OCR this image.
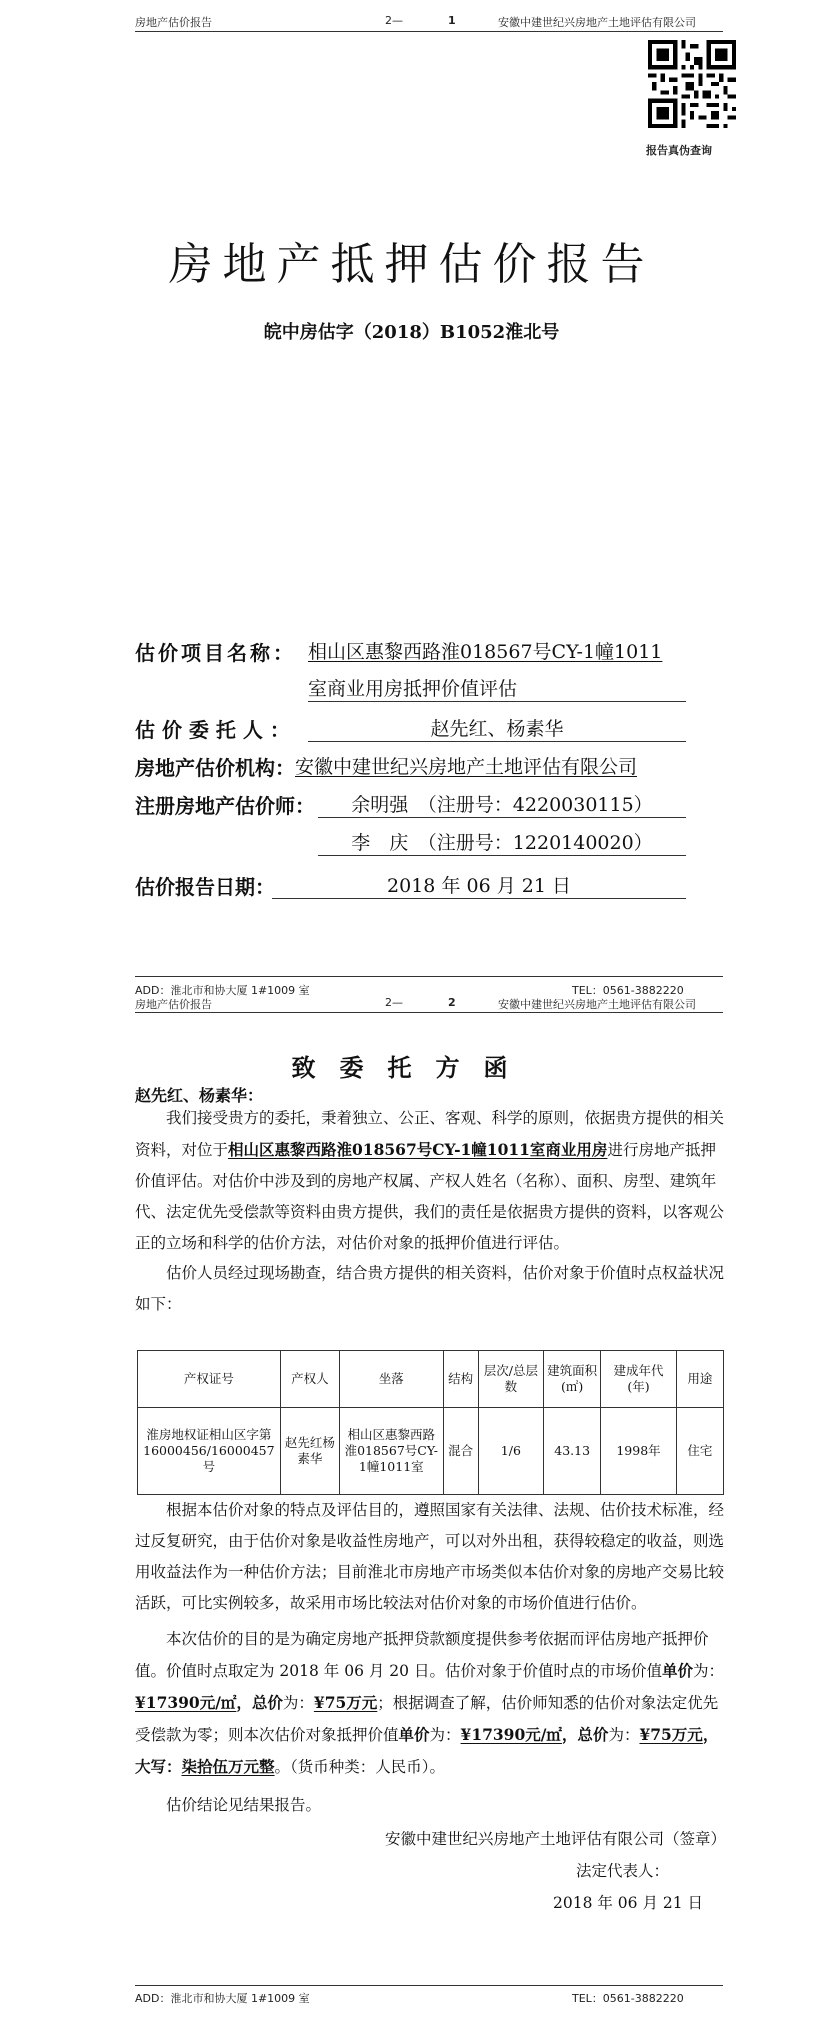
房地产估价报告	2—	1	安徽中建世纪兴房地产土地评估有限公司
报告真伪查询
房地产抵押估价报告
皖中房估字（2018）B1052淮北号
估价项目名称： 相山区惠黎西路淮018567号CY-1幢1011
室商业用房抵押价值评估
估 价 委 托 人 ：	赵先红、杨素华
房地产估价机构： 安徽中建世纪兴房地产土地评估有限公司
注册房地产估价师：	余明强　（注册号：4220030115）
李　庆　（注册号：1220140020）
估价报告日期：	2018 年 06 月 21 日
ADD：淮北市和协大厦 1#1009 室	TEL：0561-3882220
房地产估价报告	2—	2	安徽中建世纪兴房地产土地评估有限公司
致委托方函
赵先红、杨素华：
我们接受贵方的委托，秉着独立、公正、客观、科学的原则，依据贵方提供的相关资料，对位于相山区惠黎西路淮018567号CY-1幢1011室商业用房进行房地产抵押价值评估。对估价中涉及到的房地产权属、产权人姓名（名称）、面积、房型、建筑年代、法定优先受偿款等资料由贵方提供，我们的责任是依据贵方提供的资料，以客观公正的立场和科学的估价方法，对估价对象的抵押价值进行评估。
估价人员经过现场勘查，结合贵方提供的相关资料，估价对象于价值时点权益状况如下：
产权证号	产权人	坐落	结构	层次/总层数	建筑面积(㎡)	建成年代(年)	用途
淮房地权证相山区字第16000456/16000457号	赵先红杨素华	相山区惠黎西路淮018567号CY-1幢1011室	混合	1/6	43.13	1998年	住宅
根据本估价对象的特点及评估目的，遵照国家有关法律、法规、估价技术标准，经过反复研究，由于估价对象是收益性房地产，可以对外出租，获得较稳定的收益，则选用收益法作为一种估价方法；目前淮北市房地产市场类似本估价对象的房地产交易比较活跃，可比实例较多，故采用市场比较法对估价对象的市场价值进行估价。
本次估价的目的是为确定房地产抵押贷款额度提供参考依据而评估房地产抵押价值。价值时点取定为 2018 年 06 月 20 日。估价对象于价值时点的市场价值单价为：¥17390元/㎡，总价为：¥75万元；根据调查了解，估价师知悉的估价对象法定优先受偿款为零；则本次估价对象抵押价值单价为：¥17390元/㎡，总价为：¥75万元，大写：柒拾伍万元整。（货币种类：人民币）。
估价结论见结果报告。
安徽中建世纪兴房地产土地评估有限公司（签章）
法定代表人：
2018 年 06 月 21 日
ADD：淮北市和协大厦 1#1009 室	TEL：0561-3882220
